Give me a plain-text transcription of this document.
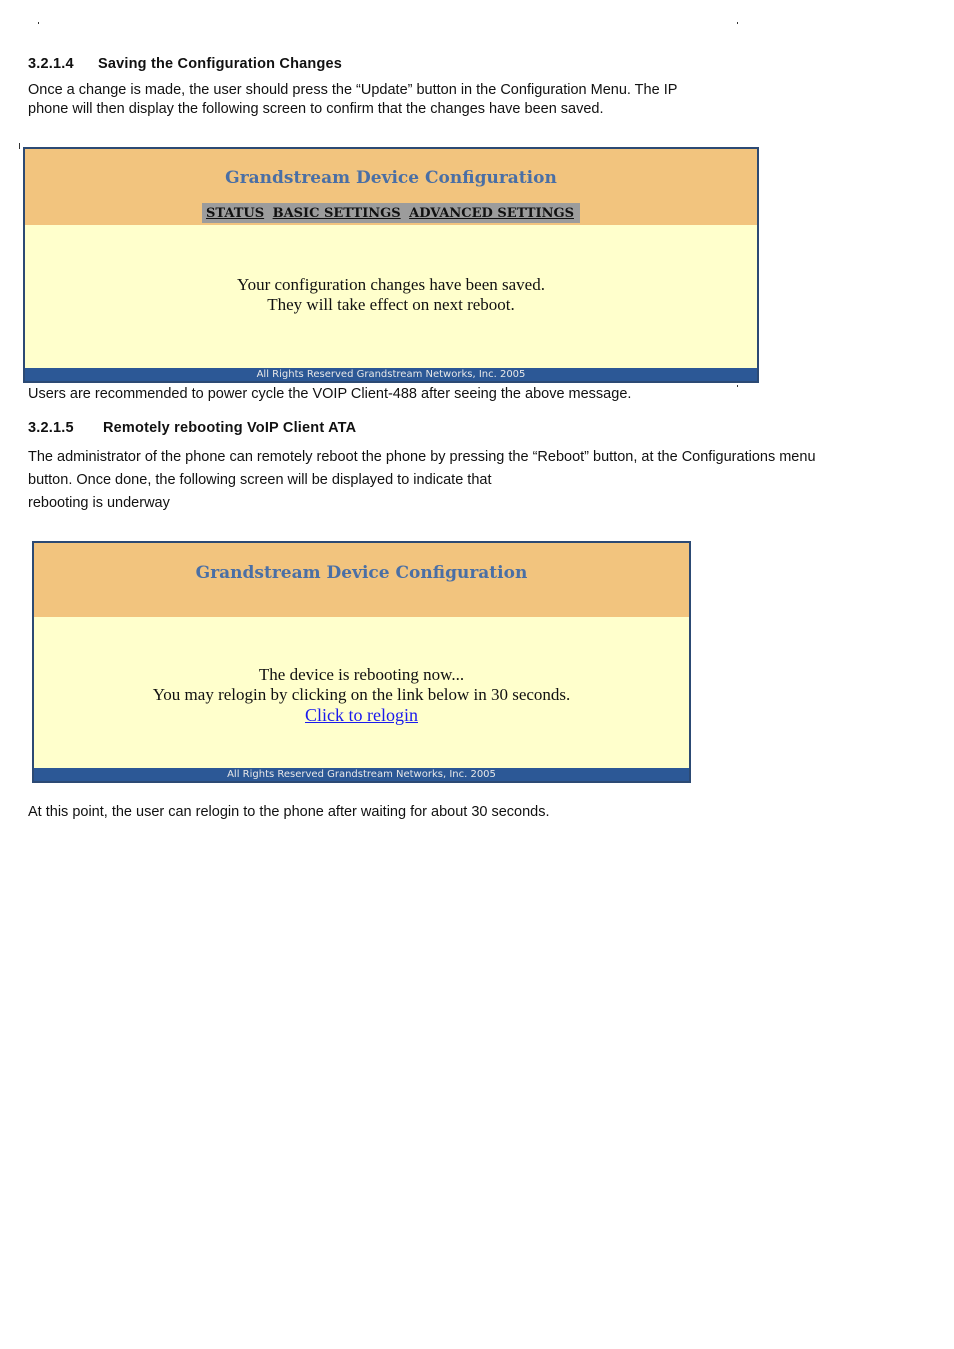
3.2.1.4 Saving the Configuration Changes
Once a change is made, the user should press the “Update” button in the Configuration Menu. The IP
phone will then display the following screen to confirm that the changes have been saved.
Grandstream Device Configuration
STATUS BASIC SETTINGS ADVANCED SETTINGS
Your configuration changes have been saved.
They will take effect on next reboot.
All Rights Reserved Grandstream Networks, Inc. 2005
Users are recommended to power cycle the VOIP Client-488 after seeing the above message.
3.2.1.5 Remotely rebooting VoIP Client ATA
The administrator of the phone can remotely reboot the phone by pressing the “Reboot” button, at the Configurations menu
button. Once done, the following screen will be displayed to indicate that
rebooting is underway
Grandstream Device Configuration
The device is rebooting now...
You may relogin by clicking on the link below in 30 seconds.
Click to relogin
All Rights Reserved Grandstream Networks, Inc. 2005
At this point, the user can relogin to the phone after waiting for about 30 seconds.
